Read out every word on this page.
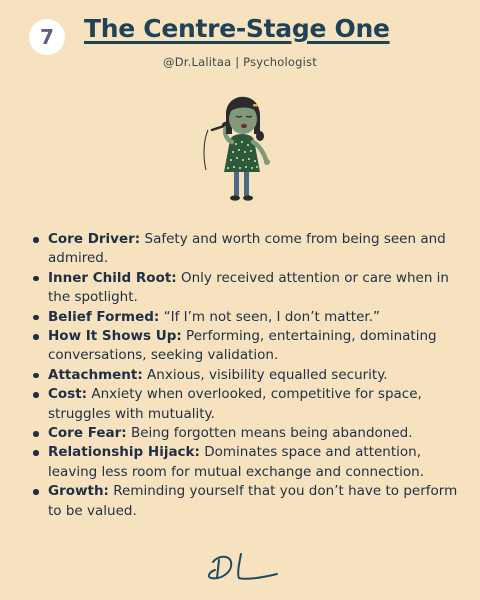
7	The Centre-Stage One
@Dr.Lalitaa | Psychologist
Core Driver: Safety and worth come from being seen and admired.
Inner Child Root: Only received attention or care when in the spotlight.
Belief Formed: “If I’m not seen, I don’t matter.”
How It Shows Up: Performing, entertaining, dominating conversations, seeking validation.
Attachment: Anxious, visibility equalled security.
Cost: Anxiety when overlooked, competitive for space, struggles with mutuality.
Core Fear: Being forgotten means being abandoned.
Relationship Hijack: Dominates space and attention, leaving less room for mutual exchange and connection.
Growth: Reminding yourself that you don’t have to perform to be valued.
